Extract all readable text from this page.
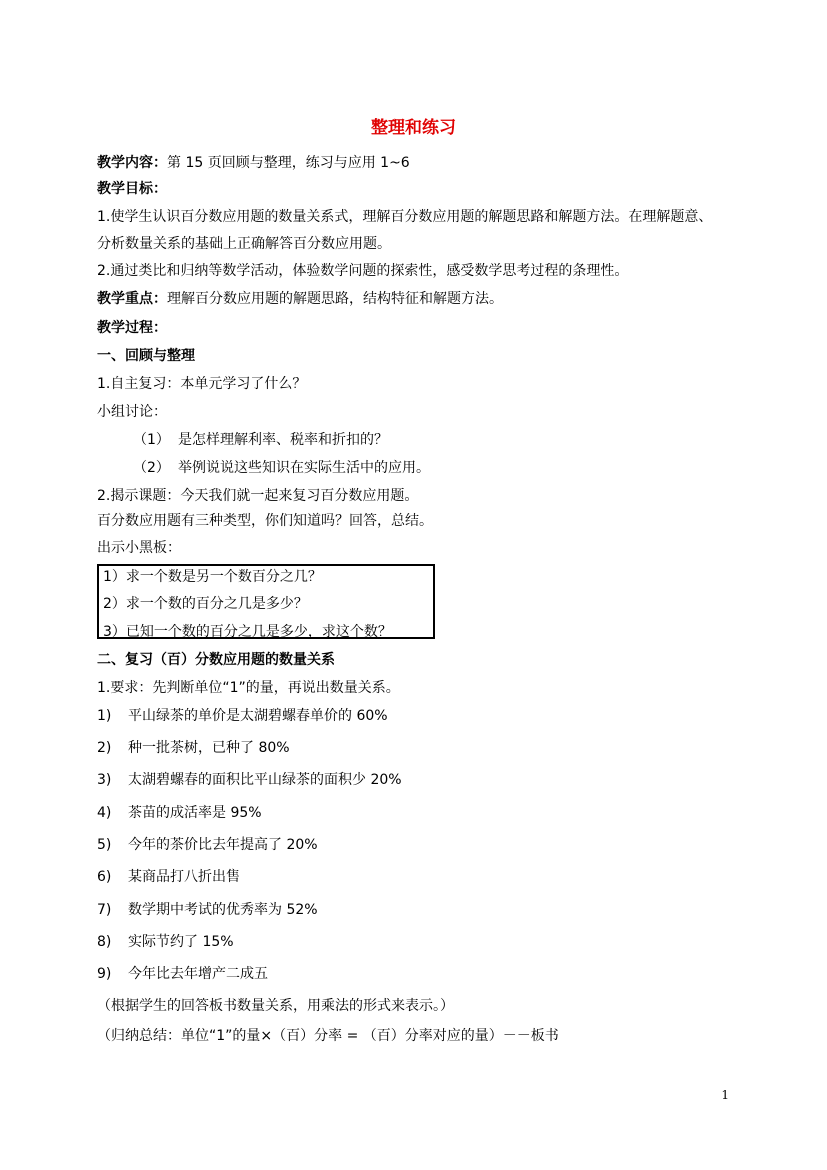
整理和练习
教学内容：第 15 页回顾与整理，练习与应用 1~6
教学目标：
1.使学生认识百分数应用题的数量关系式，理解百分数应用题的解题思路和解题方法。在理解题意、
分析数量关系的基础上正确解答百分数应用题。
2.通过类比和归纳等数学活动，体验数学问题的探索性，感受数学思考过程的条理性。
教学重点：理解百分数应用题的解题思路，结构特征和解题方法。
教学过程：
一、回顾与整理
1.自主复习：本单元学习了什么？
小组讨论：
（1） 是怎样理解利率、税率和折扣的？
（2） 举例说说这些知识在实际生活中的应用。
2.揭示课题：今天我们就一起来复习百分数应用题。
百分数应用题有三种类型，你们知道吗？回答，总结。
出示小黑板：
1）求一个数是另一个数百分之几？
2）求一个数的百分之几是多少？
3）已知一个数的百分之几是多少，求这个数？
二、复习（百）分数应用题的数量关系
1.要求：先判断单位“1”的量，再说出数量关系。
1) 平山绿茶的单价是太湖碧螺春单价的 60%
2) 种一批茶树，已种了 80%
3) 太湖碧螺春的面积比平山绿茶的面积少 20%
4) 茶苗的成活率是 95%
5) 今年的茶价比去年提高了 20%
6) 某商品打八折出售
7) 数学期中考试的优秀率为 52%
8) 实际节约了 15%
9) 今年比去年增产二成五
（根据学生的回答板书数量关系，用乘法的形式来表示。）
（归纳总结：单位“1”的量×（百）分率 = （百）分率对应的量）－－板书
1
